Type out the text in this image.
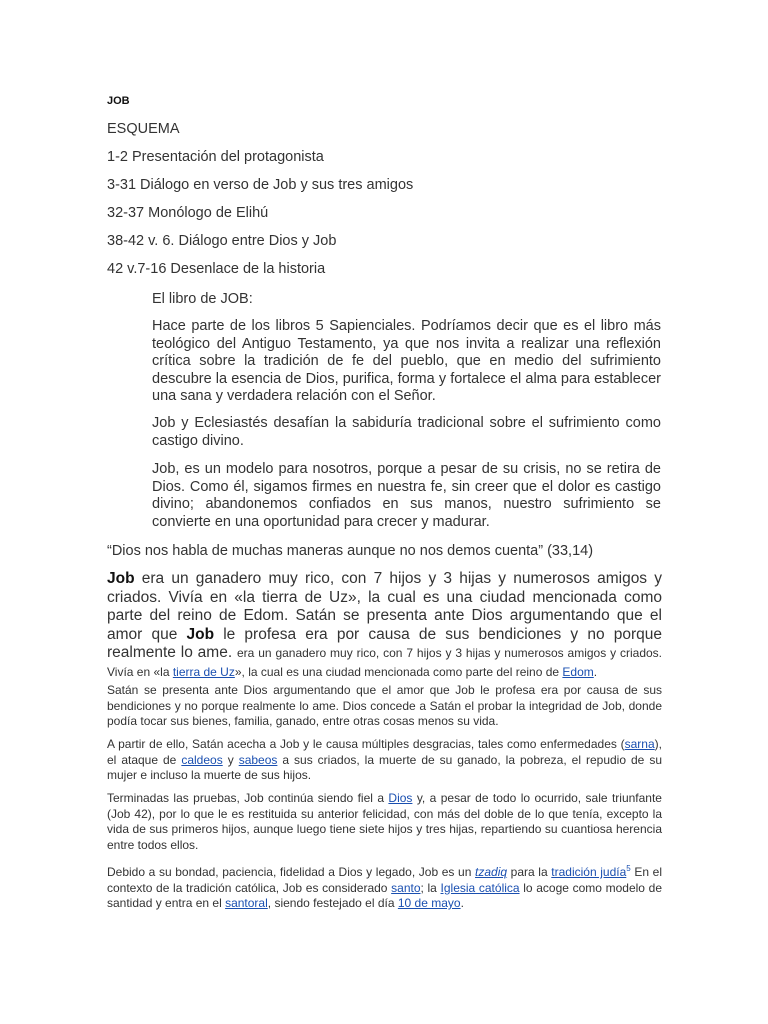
JOB
ESQUEMA
1-2 Presentación del protagonista
3-31 Diálogo en verso de Job y sus tres amigos
32-37 Monólogo de Elihú
38-42 v. 6. Diálogo entre Dios y Job
42 v.7-16 Desenlace de la historia
El libro de JOB:
Hace parte de los libros 5 Sapienciales. Podríamos decir que es el libro más teológico del Antiguo Testamento, ya que nos invita a realizar una reflexión crítica sobre la tradición de fe del pueblo, que en medio del sufrimiento descubre la esencia de Dios, purifica, forma y fortalece el alma para establecer una sana y verdadera relación con el Señor.
Job y Eclesiastés desafían la sabiduría tradicional sobre el sufrimiento como castigo divino.
Job, es un modelo para nosotros, porque a pesar de su crisis, no se retira de Dios. Como él, sigamos firmes en nuestra fe, sin creer que el dolor es castigo divino; abandonemos confiados en sus manos, nuestro sufrimiento se convierte en una oportunidad para crecer y madurar.
“Dios nos habla de muchas maneras aunque no nos demos cuenta” (33,14)
Job era un ganadero muy rico, con 7 hijos y 3 hijas y numerosos amigos y criados. Vivía en «la tierra de Uz», la cual es una ciudad mencionada como parte del reino de Edom. Satán se presenta ante Dios argumentando que el amor que Job le profesa era por causa de sus bendiciones y no porque realmente lo ame. era un ganadero muy rico, con 7 hijos y 3 hijas y numerosos amigos y criados. Vivía en «la tierra de Uz», la cual es una ciudad mencionada como parte del reino de Edom.
Satán se presenta ante Dios argumentando que el amor que Job le profesa era por causa de sus bendiciones y no porque realmente lo ame. Dios concede a Satán el probar la integridad de Job, donde podía tocar sus bienes, familia, ganado, entre otras cosas menos su vida.
A partir de ello, Satán acecha a Job y le causa múltiples desgracias, tales como enfermedades (sarna), el ataque de caldeos y sabeos a sus criados, la muerte de su ganado, la pobreza, el repudio de su mujer e incluso la muerte de sus hijos.
Terminadas las pruebas, Job continúa siendo fiel a Dios y, a pesar de todo lo ocurrido, sale triunfante (Job 42), por lo que le es restituida su anterior felicidad, con más del doble de lo que tenía, excepto la vida de sus primeros hijos, aunque luego tiene siete hijos y tres hijas, repartiendo su cuantiosa herencia entre todos ellos.
Debido a su bondad, paciencia, fidelidad a Dios y legado, Job es un tzadiq para la tradición judía$^5$ En el contexto de la tradición católica, Job es considerado santo; la Iglesia católica lo acoge como modelo de santidad y entra en el santoral, siendo festejado el día 10 de mayo.
